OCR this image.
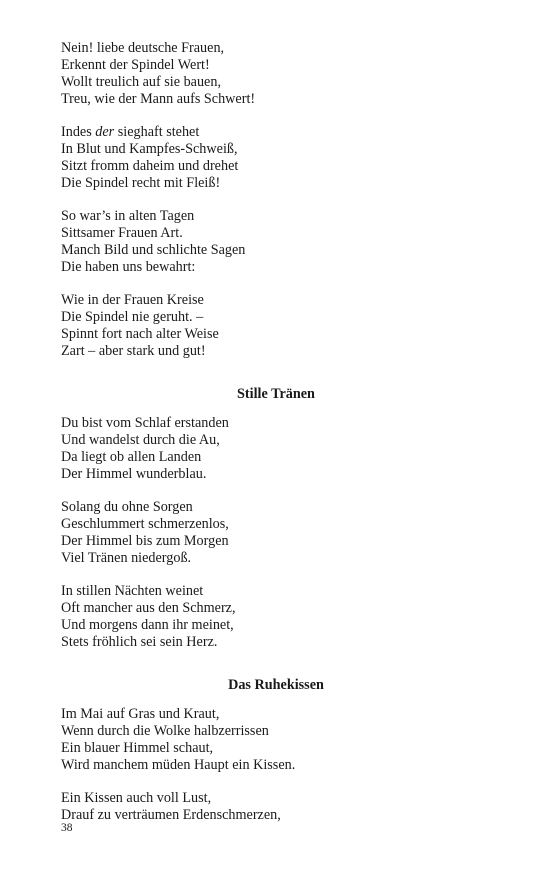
Nein! liebe deutsche Frauen,
Erkennt der Spindel Wert!
Wollt treulich auf sie bauen,
Treu, wie der Mann aufs Schwert!
Indes der sieghaft stehet
In Blut und Kampfes-Schweiß,
Sitzt fromm daheim und drehet
Die Spindel recht mit Fleiß!
So war’s in alten Tagen
Sittsamer Frauen Art.
Manch Bild und schlichte Sagen
Die haben uns bewahrt:
Wie in der Frauen Kreise
Die Spindel nie geruht. –
Spinnt fort nach alter Weise
Zart – aber stark und gut!
Stille Tränen
Du bist vom Schlaf erstanden
Und wandelst durch die Au,
Da liegt ob allen Landen
Der Himmel wunderblau.
Solang du ohne Sorgen
Geschlummert schmerzenlos,
Der Himmel bis zum Morgen
Viel Tränen niedergoß.
In stillen Nächten weinet
Oft mancher aus den Schmerz,
Und morgens dann ihr meinet,
Stets fröhlich sei sein Herz.
Das Ruhekissen
Im Mai auf Gras und Kraut,
Wenn durch die Wolke halbzerrissen
Ein blauer Himmel schaut,
Wird manchem müden Haupt ein Kissen.
Ein Kissen auch voll Lust,
Drauf zu verträumen Erdenschmerzen,
38
